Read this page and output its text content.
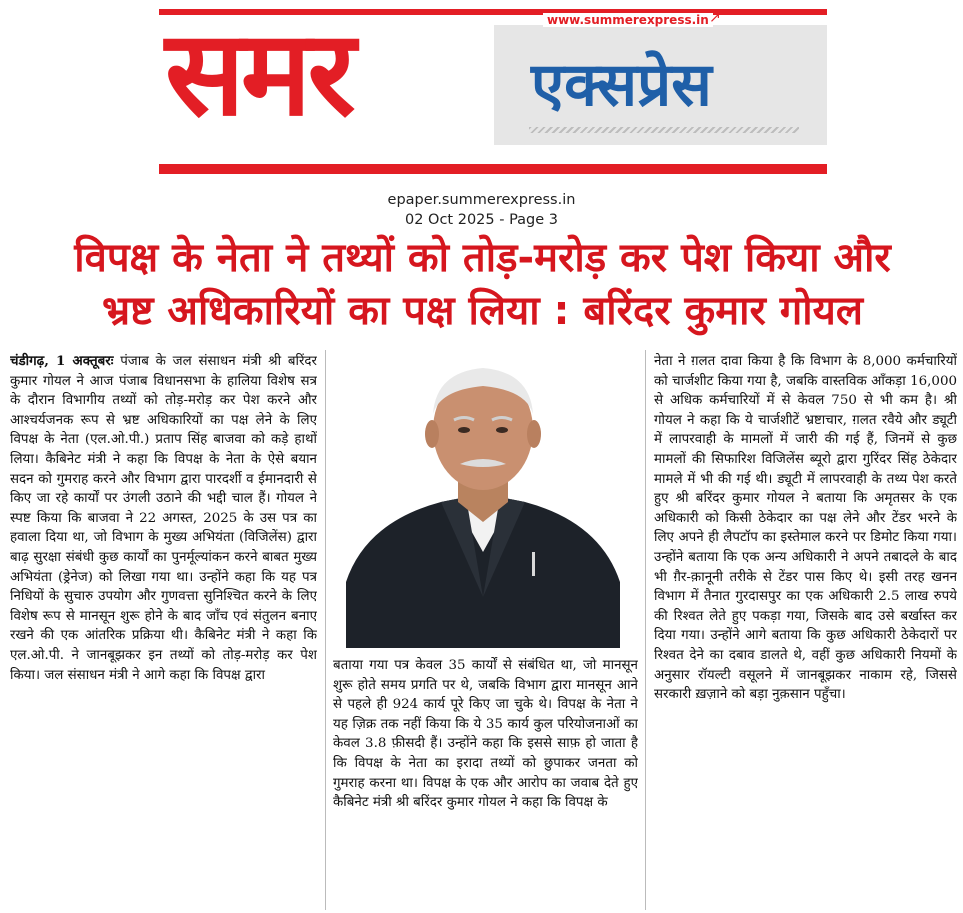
समर	एक्सप्रेस
www.summerexpress.in ↗
epaper.summerexpress.in
02 Oct 2025 - Page 3
विपक्ष के नेता ने तथ्यों को तोड़-मरोड़ कर पेश किया और
भ्रष्ट अधिकारियों का पक्ष लिया : बरिंदर कुमार गोयल
चंडीगढ़, 1 अक्तूबरः पंजाब के जल संसाधन मंत्री श्री बरिंदर कुमार गोयल ने आज पंजाब विधानसभा के हालिया विशेष सत्र के दौरान विभागीय तथ्यों को तोड़-मरोड़ कर पेश करने और आश्चर्यजनक रूप से भ्रष्ट अधिकारियों का पक्ष लेने के लिए विपक्ष के नेता (एल.ओ.पी.) प्रताप सिंह बाजवा को कड़े हाथों लिया। कैबिनेट मंत्री ने कहा कि विपक्ष के नेता के ऐसे बयान सदन को गुमराह करने और विभाग द्वारा पारदर्शी व ईमानदारी से किए जा रहे कार्यों पर उंगली उठाने की भद्दी चाल हैं। गोयल ने स्पष्ट किया कि बाजवा ने 22 अगस्त, 2025 के उस पत्र का हवाला दिया था, जो विभाग के मुख्य अभियंता (विजिलेंस) द्वारा बाढ़ सुरक्षा संबंधी कुछ कार्यों का पुनर्मूल्यांकन करने बाबत मुख्य अभियंता (ड्रेनेज) को लिखा गया था। उन्होंने कहा कि यह पत्र निधियों के सुचारु उपयोग और गुणवत्ता सुनिश्चित करने के लिए विशेष रूप से मानसून शुरू होने के बाद जाँच एवं संतुलन बनाए रखने की एक आंतरिक प्रक्रिया थी। कैबिनेट मंत्री ने कहा कि एल.ओ.पी. ने जानबूझकर इन तथ्यों को तोड़-मरोड़ कर पेश किया। जल संसाधन मंत्री ने आगे कहा कि विपक्ष द्वारा
बताया गया पत्र केवल 35 कार्यों से संबंधित था, जो मानसून शुरू होते समय प्रगति पर थे, जबकि विभाग द्वारा मानसून आने से पहले ही 924 कार्य पूरे किए जा चुके थे। विपक्ष के नेता ने यह ज़िक्र तक नहीं किया कि ये 35 कार्य कुल परियोजनाओं का केवल 3.8 फ़ीसदी हैं। उन्होंने कहा कि इससे साफ़ हो जाता है कि विपक्ष के नेता का इरादा तथ्यों को छुपाकर जनता को गुमराह करना था। विपक्ष के एक और आरोप का जवाब देते हुए कैबिनेट मंत्री श्री बरिंदर कुमार गोयल ने कहा कि विपक्ष के
नेता ने ग़लत दावा किया है कि विभाग के 8,000 कर्मचारियों को चार्जशीट किया गया है, जबकि वास्तविक आँकड़ा 16,000 से अधिक कर्मचारियों में से केवल 750 से भी कम है। श्री गोयल ने कहा कि ये चार्जशीटें भ्रष्टाचार, ग़लत रवैये और ड्यूटी में लापरवाही के मामलों में जारी की गई हैं, जिनमें से कुछ मामलों की सिफारिश विजिलेंस ब्यूरो द्वारा गुरिंदर सिंह ठेकेदार मामले में भी की गई थी। ड्यूटी में लापरवाही के तथ्य पेश करते हुए श्री बरिंदर कुमार गोयल ने बताया कि अमृतसर के एक अधिकारी को किसी ठेकेदार का पक्ष लेने और टेंडर भरने के लिए अपने ही लैपटॉप का इस्तेमाल करने पर डिमोट किया गया। उन्होंने बताया कि एक अन्य अधिकारी ने अपने तबादले के बाद भी ग़ैर-क़ानूनी तरीके से टेंडर पास किए थे। इसी तरह खनन विभाग में तैनात गुरदासपुर का एक अधिकारी 2.5 लाख रुपये की रिश्वत लेते हुए पकड़ा गया, जिसके बाद उसे बर्खास्त कर दिया गया। उन्होंने आगे बताया कि कुछ अधिकारी ठेकेदारों पर रिश्वत देने का दबाव डालते थे, वहीं कुछ अधिकारी नियमों के अनुसार रॉयल्टी वसूलने में जानबूझकर नाकाम रहे, जिससे सरकारी ख़ज़ाने को बड़ा नुक़सान पहुँचा।
